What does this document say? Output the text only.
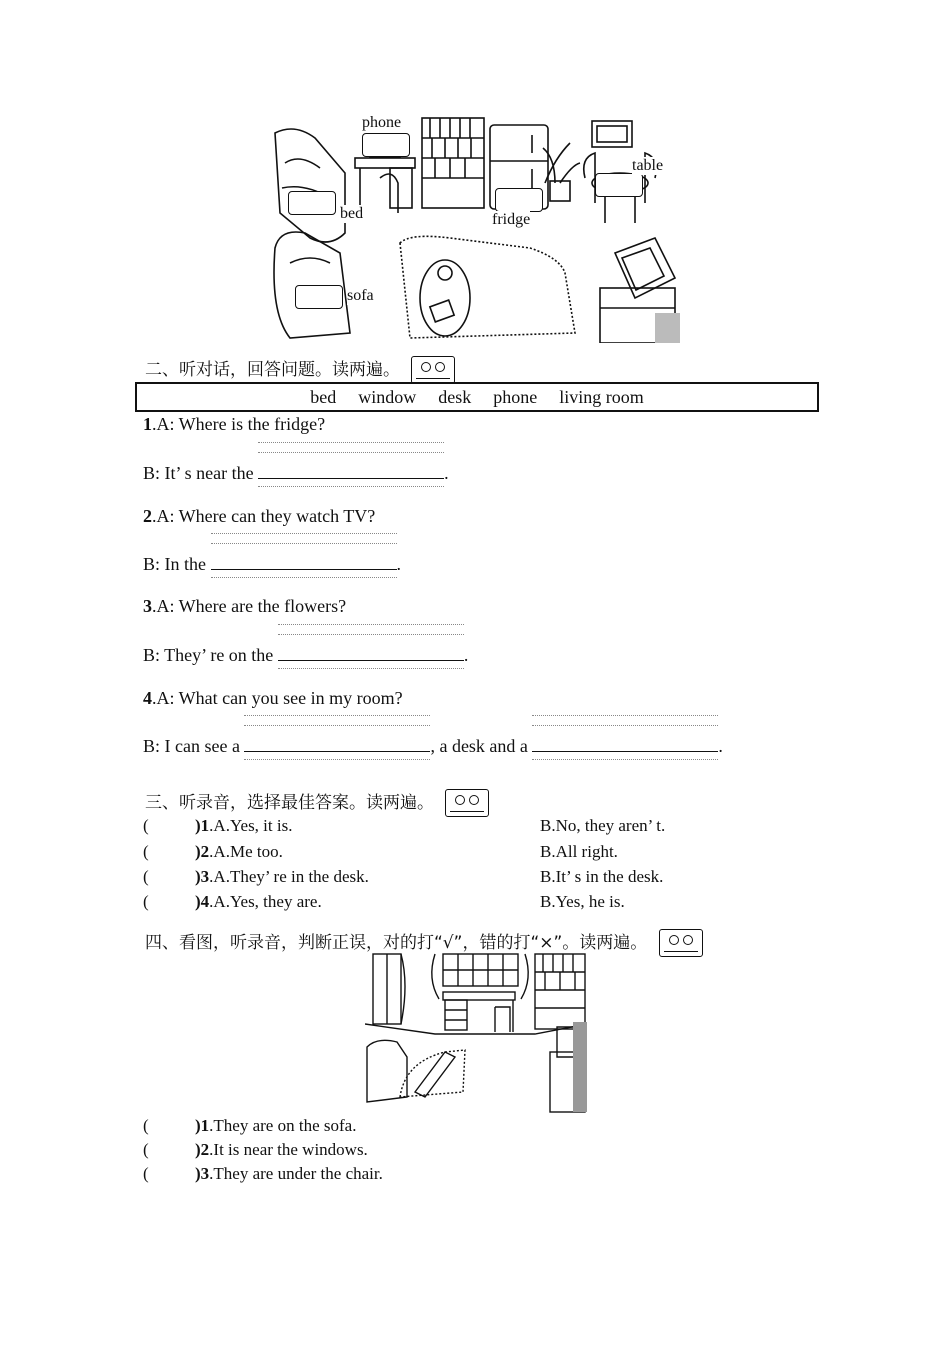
phone
table
bed	fridge
sofa
二、听对话，回答问题。读两遍。
bed window desk phone living room
1.A: Where is the fridge?
B: It’ s near the	.
2.A: Where can they watch TV?
B: In the	.
3.A: Where are the flowers?
B: They’ re on the	.
4.A: What can you see in my room?
B: I can see a	, a desk and a	.
三、听录音，选择最佳答案。读两遍。
(	)1.A.Yes, it is.	B.No, they aren’ t.
(	)2.A.Me too.	B.All right.
(	)3.A.They’ re in the desk.	B.It’ s in the desk.
(	)4.A.Yes, they are.	B.Yes, he is.
四、看图，听录音，判断正误，对的打“√”，错的打“×”。读两遍。
(	)1.They are on the sofa.
(	)2.It is near the windows.
(	)3.They are under the chair.
